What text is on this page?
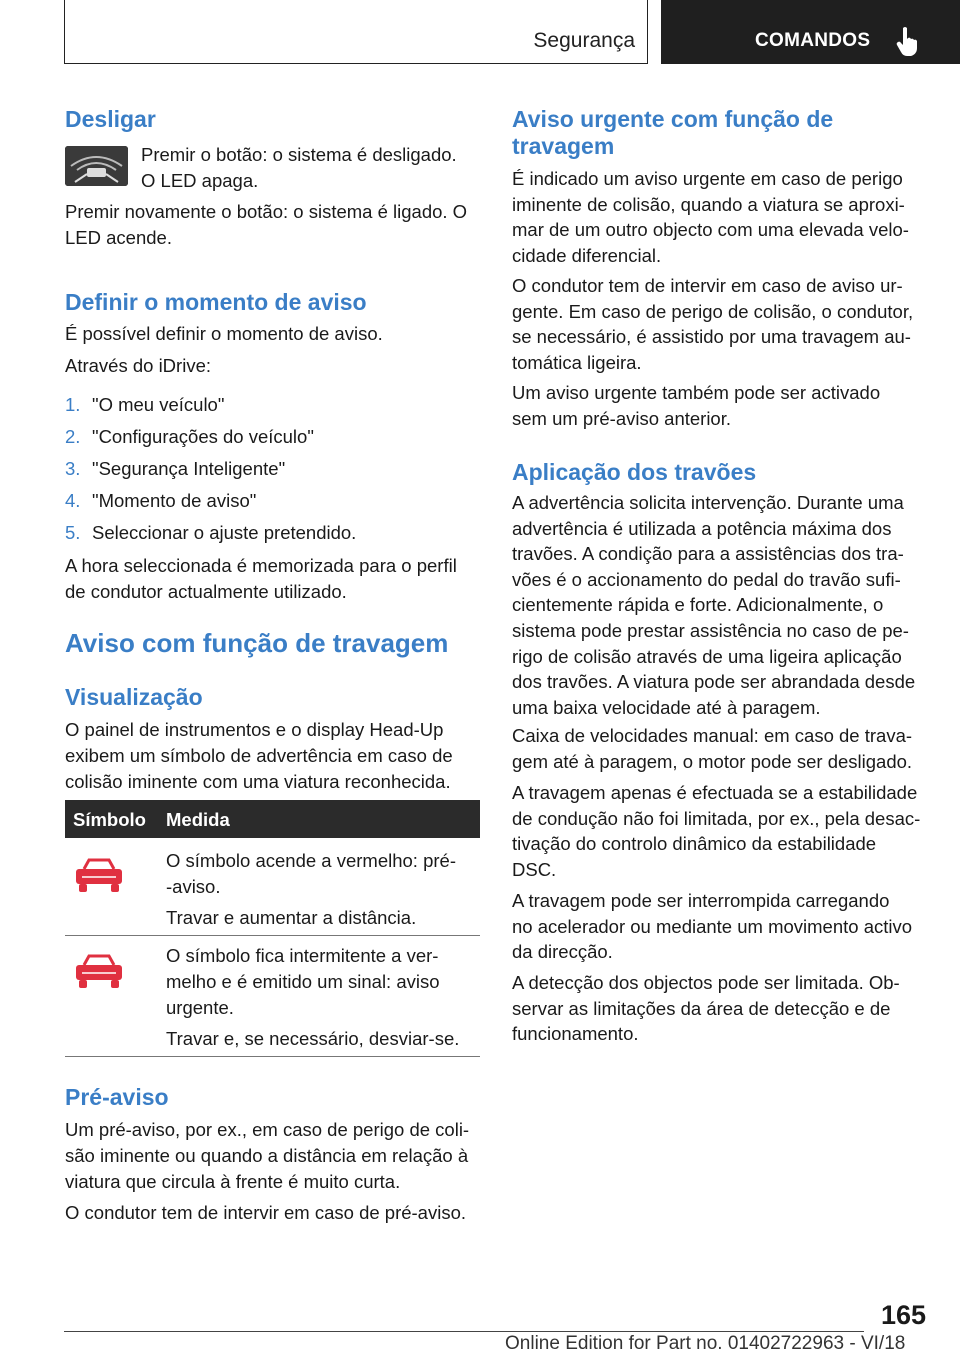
Segurança	COMANDOS
Desligar

Premir o botão: o sistema é desligado.

O LED apaga.

Premir novamente o botão: o sistema é ligado. O

LED acende.

Definir o momento de aviso

É possível definir o momento de aviso.

Através do iDrive:

1. "O meu veículo"

2. "Configurações do veículo"

3. "Segurança Inteligente"

4. "Momento de aviso"

5. Seleccionar o ajuste pretendido.

A hora seleccionada é memorizada para o perfil

de condutor actualmente utilizado.

Aviso com função de travagem
Visualização

O painel de instrumentos e o display Head-Up

exibem um símbolo de advertência em caso de

colisão iminente com uma viatura reconhecida.

Símbolo Medida

O símbolo acende a vermelho: pré-

-aviso.

Travar e aumentar a distância.

O símbolo fica intermitente a ver-

melho e é emitido um sinal: aviso

urgente.

Travar e, se necessário, desviar-se.

Pré-aviso

Um pré-aviso, por ex., em caso de perigo de coli-

são iminente ou quando a distância em relação à

viatura que circula à frente é muito curta.

O condutor tem de intervir em caso de pré-aviso.

Aviso urgente com função de
travagem

É indicado um aviso urgente em caso de perigo

iminente de colisão, quando a viatura se aproxi-

mar de um outro objecto com uma elevada velo-

cidade diferencial.

O condutor tem de intervir em caso de aviso ur-

gente. Em caso de perigo de colisão, o condutor,

se necessário, é assistido por uma travagem au-

tomática ligeira.

Um aviso urgente também pode ser activado

sem um pré-aviso anterior.

Aplicação dos travões

A advertência solicita intervenção. Durante uma

advertência é utilizada a potência máxima dos

travões. A condição para a assistências dos tra-

vões é o accionamento do pedal do travão sufi-

cientemente rápida e forte. Adicionalmente, o

sistema pode prestar assistência no caso de pe-

rigo de colisão através de uma ligeira aplicação

dos travões. A viatura pode ser abrandada desde

uma baixa velocidade até à paragem.

Caixa de velocidades manual: em caso de trava-

gem até à paragem, o motor pode ser desligado.

A travagem apenas é efectuada se a estabilidade

de condução não foi limitada, por ex., pela desac-

tivação do controlo dinâmico da estabilidade

DSC.

A travagem pode ser interrompida carregando

no acelerador ou mediante um movimento activo

da direcção.

A detecção dos objectos pode ser limitada. Ob-

servar as limitações da área de detecção e de

funcionamento.

165
Online Edition for Part no. 01402722963 - VI/18
